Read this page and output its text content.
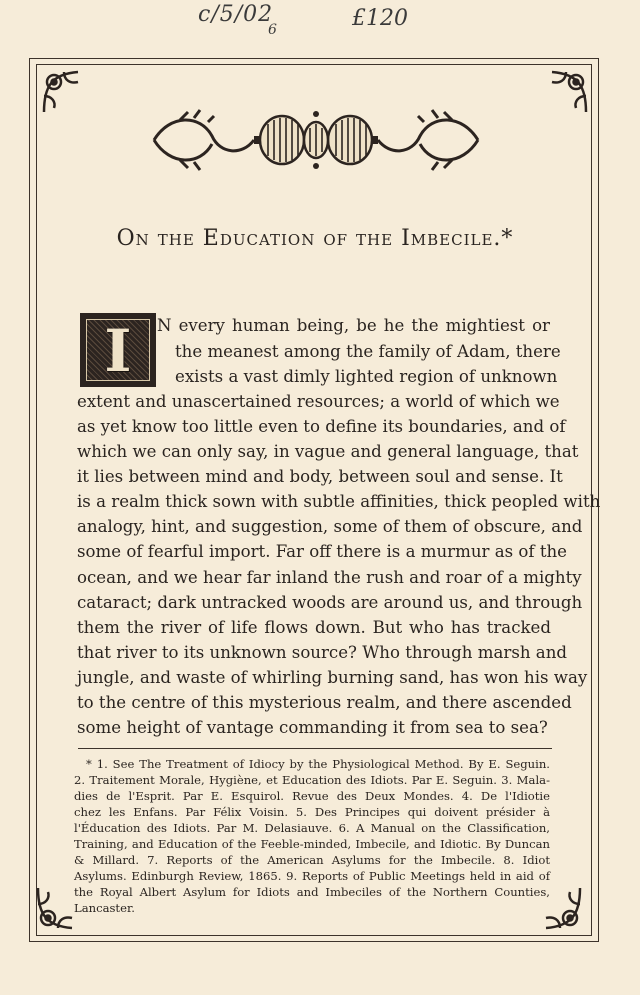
c/5/02
6	£120
On the Education of the Imbecile.*
I	N every human being, be he the mightiest or
the meanest among the family of Adam, there
exists a vast dimly lighted region of unknown
extent and unascertained resources; a world of which we
as yet know too little even to define its boundaries, and of
which we can only say, in vague and general language, that
it lies between mind and body, between soul and sense. It
is a realm thick sown with subtle affinities, thick peopled with
analogy, hint, and suggestion, some of them of obscure, and
some of fearful import. Far off there is a murmur as of the
ocean, and we hear far inland the rush and roar of a mighty
cataract; dark untracked woods are around us, and through
them the river of life flows down. But who has tracked
that river to its unknown source? Who through marsh and
jungle, and waste of whirling burning sand, has won his way
to the centre of this mysterious realm, and there ascended
some height of vantage commanding it from sea to sea?
* 1. See The Treatment of Idiocy by the Physiological Method. By E. Seguin.
2. Traitement Morale, Hygiène, et Education des Idiots. Par E. Seguin. 3. Mala-
dies de l'Esprit. Par E. Esquirol. Revue des Deux Mondes. 4. De l'Idiotie
chez les Enfans. Par Félix Voisin. 5. Des Principes qui doivent présider à
l'Éducation des Idiots. Par M. Delasiauve. 6. A Manual on the Classification,
Training, and Education of the Feeble-minded, Imbecile, and Idiotic. By Duncan
& Millard. 7. Reports of the American Asylums for the Imbecile. 8. Idiot
Asylums. Edinburgh Review, 1865. 9. Reports of Public Meetings held in aid of
the Royal Albert Asylum for Idiots and Imbeciles of the Northern Counties,
Lancaster.
